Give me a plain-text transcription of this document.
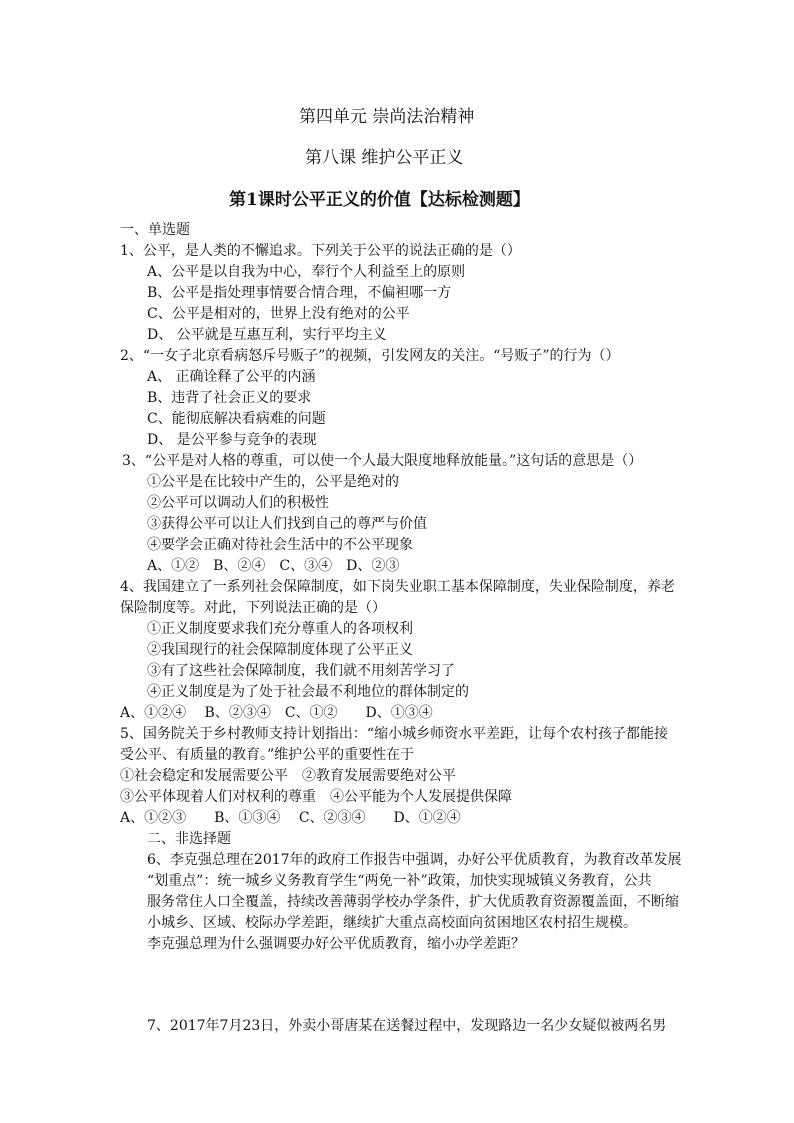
第四单元 崇尚法治精神
第八课 维护公平正义
第1课时公平正义的价值【达标检测题】
一、单选题
1、公平，是人类的不懈追求。下列关于公平的说法正确的是（）
A、公平是以自我为中心，奉行个人利益至上的原则
B、公平是指处理事情要合情合理，不偏袒哪一方
C、公平是相对的，世界上没有绝对的公平
D、 公平就是互惠互利，实行平均主义
2、“一女子北京看病怒斥号贩子”的视频，引发网友的关注。“号贩子”的行为（）
A、 正确诠释了公平的内涵
B、违背了社会正义的要求
C、能彻底解决看病难的问题
D、 是公平参与竞争的表现
3、“公平是对人格的尊重，可以使一个人最大限度地释放能量。”这句话的意思是（）
①公平是在比较中产生的，公平是绝对的
②公平可以调动人们的积极性
③获得公平可以让人们找到自己的尊严与价值
④要学会正确对待社会生活中的不公平现象
A、①②　B、②④　C、③④　D、②③
4、我国建立了一系列社会保障制度，如下岗失业职工基本保障制度，失业保险制度，养老
保险制度等。对此，下列说法正确的是（）
①正义制度要求我们充分尊重人的各项权利
②我国现行的社会保障制度体现了公平正义
③有了这些社会保障制度，我们就不用刻苦学习了
④正义制度是为了处于社会最不利地位的群体制定的
A、①②④　 B、②③④　C、①②　　D、①③④
5、国务院关于乡村教师支持计划指出：“缩小城乡师资水平差距，让每个农村孩子都能接
受公平、有质量的教育。”维护公平的重要性在于
①社会稳定和发展需要公平　②教育发展需要绝对公平
③公平体现着人们对权利的尊重　④公平能为个人发展提供保障
A、①②③　　B、①③④　 C、②③④　　D、①②④
二、非选择题
6、李克强总理在2017年的政府工作报告中强调，办好公平优质教育，为教育改革发展
“划重点”：统一城乡义务教育学生“两免一补”政策，加快实现城镇义务教育，公共
服务常住人口全覆盖，持续改善薄弱学校办学条件，扩大优质教育资源覆盖面，不断缩
小城乡、区域、校际办学差距，继续扩大重点高校面向贫困地区农村招生规模。
李克强总理为什么强调要办好公平优质教育，缩小办学差距？
7、2017年7月23日，外卖小哥唐某在送餐过程中，发现路边一名少女疑似被两名男
